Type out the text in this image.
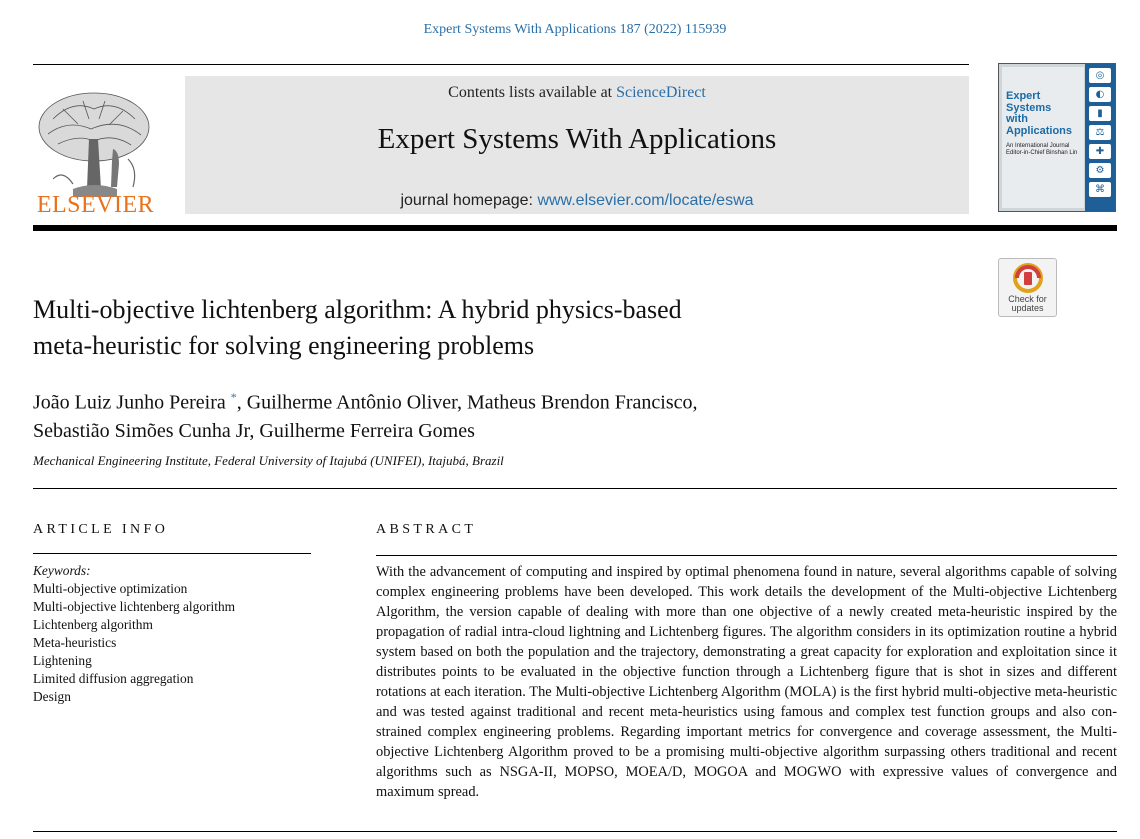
Expert Systems With Applications 187 (2022) 115939
ELSEVIER
Contents lists available at ScienceDirect
Expert Systems With Applications
journal homepage: www.elsevier.com/locate/eswa
Expert
Systems
with
Applications
An International Journal
Editor-in-Chief Binshan Lin
◎
◐
▮
⚖
✚
⚙
⌘
Check for
updates
Multi-objective lichtenberg algorithm: A hybrid physics-based
meta-heuristic for solving engineering problems
João Luiz Junho Pereira *, Guilherme Antônio Oliver, Matheus Brendon Francisco,
Sebastião Simões Cunha Jr, Guilherme Ferreira Gomes
Mechanical Engineering Institute, Federal University of Itajubá (UNIFEI), Itajubá, Brazil
ARTICLE INFO	ABSTRACT
Keywords:
Multi-objective optimization
Multi-objective lichtenberg algorithm
Lichtenberg algorithm
Meta-heuristics
Lightening
Limited diffusion aggregation
Design
With the advancement of computing and inspired by optimal phenomena found in nature, several algorithms capable of solving complex engineering problems have been developed. This work details the development of the Multi-objective Lichtenberg Algorithm, the version capable of dealing with more than one objective of a newly created meta-heuristic inspired by the propagation of radial intra-cloud lightning and Lichtenberg figures. The algorithm considers in its optimization routine a hybrid system based on both the population and the trajectory, demonstrating a great capacity for exploration and exploitation since it distributes points to be evaluated in the objective function through a Lichtenberg figure that is shot in sizes and different rotations at each iteration. The Multi-objective Lichtenberg Algorithm (MOLA) is the first hybrid multi-objective meta-heuristic and was tested against traditional and recent meta-heuristics using famous and complex test function groups and also constrained complex engineering problems. Regarding important metrics for convergence and coverage assessment, the Multi-objective Lichtenberg Algorithm proved to be a promising multi-objective algorithm surpassing others traditional and recent algorithms such as NSGA-II, MOPSO, MOEA/D, MOGOA and MOGWO with expressive values of convergence and maximum spread.
